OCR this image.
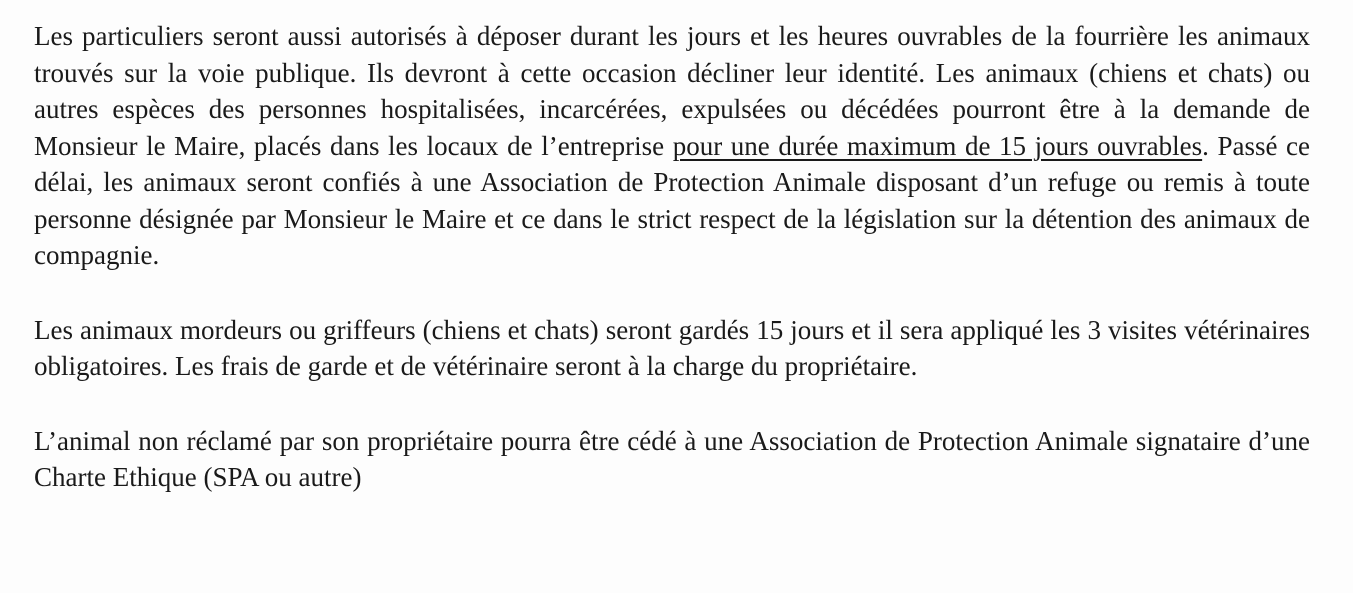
Les particuliers seront aussi autorisés à déposer durant les jours et les heures ouvrables de la fourrière les animaux trouvés sur la voie publique. Ils devront à cette occasion décliner leur identité. Les animaux (chiens et chats) ou autres espèces des personnes hospitalisées, incarcérées, expulsées ou décédées pourront être à la demande de Monsieur le Maire, placés dans les locaux de l’entreprise pour une durée maximum de 15 jours ouvrables. Passé ce délai, les animaux seront confiés à une Association de Protection Animale disposant d’un refuge ou remis à toute personne désignée par Monsieur le Maire et ce dans le strict respect de la législation sur la détention des animaux de compagnie.

Les animaux mordeurs ou griffeurs (chiens et chats) seront gardés 15 jours et il sera appliqué les 3 visites vétérinaires obligatoires. Les frais de garde et de vétérinaire seront à la charge du propriétaire.

L’animal non réclamé par son propriétaire pourra être cédé à une Association de Protection Animale signataire d’une Charte Ethique (SPA ou autre)
